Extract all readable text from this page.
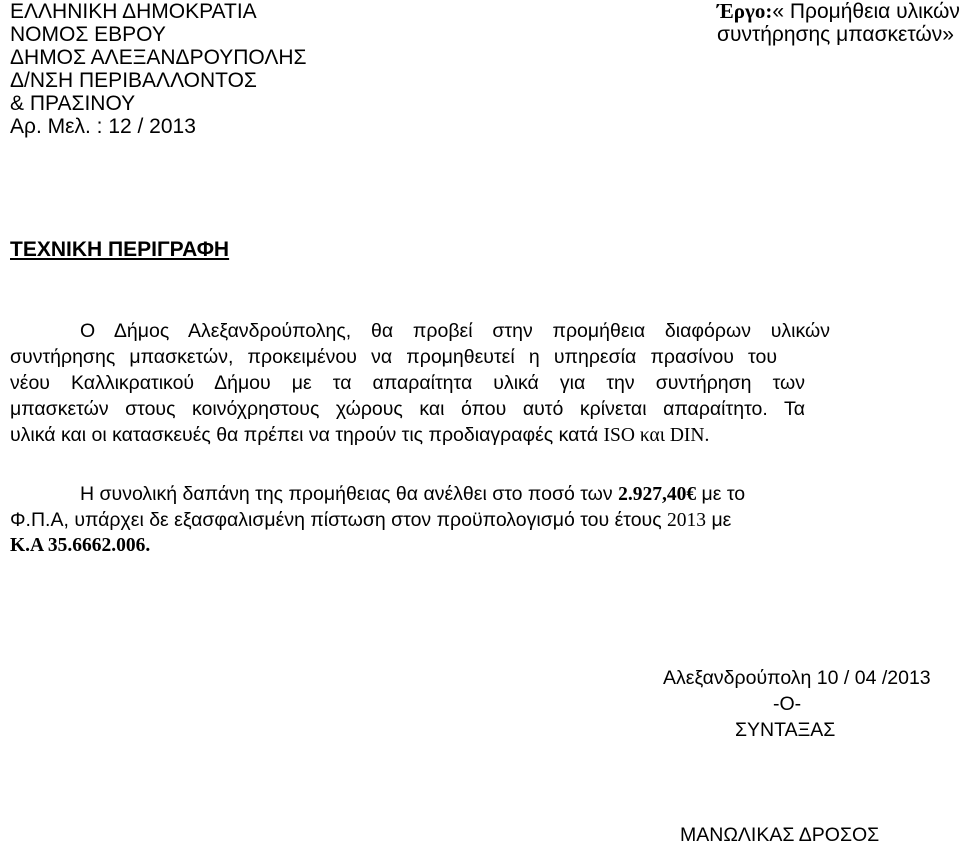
ΕΛΛΗΝΙΚΗ ΔΗΜΟΚΡΑΤΙΑ
ΝΟΜΟΣ ΕΒΡΟΥ
ΔΗΜΟΣ ΑΛΕΞΑΝΔΡΟΥΠΟΛΗΣ
Δ/ΝΣΗ ΠΕΡΙΒΑΛΛΟΝΤΟΣ
& ΠΡΑΣΙΝΟΥ
Αρ. Μελ. : 12 / 2013
Έργο:« Προμήθεια υλικών
συντήρησης μπασκετών»
ΤΕΧΝΙΚΗ ΠΕΡΙΓΡΑΦΗ
Ο Δήμος Αλεξανδρούπολης, θα προβεί στην προμήθεια διαφόρων υλικών
συντήρησης μπασκετών, προκειμένου να προμηθευτεί η υπηρεσία πρασίνου του
νέου Καλλικρατικού Δήμου με τα απαραίτητα υλικά για την συντήρηση των
μπασκετών στους κοινόχρηστους χώρους και όπου αυτό κρίνεται απαραίτητο. Τα
υλικά και οι κατασκευές θα πρέπει να τηρούν τις προδιαγραφές κατά ISO και DIN.
Η συνολική δαπάνη της προμήθειας θα ανέλθει στο ποσό των 2.927,40€ με το
Φ.Π.Α, υπάρχει δε εξασφαλισμένη πίστωση στον προϋπολογισμό του έτους 2013 με
Κ.Α 35.6662.006.
Αλεξανδρούπολη 10 / 04 /2013
-Ο-
ΣΥΝΤΑΞΑΣ
ΜΑΝΩΛΙΚΑΣ ΔΡΟΣΟΣ
